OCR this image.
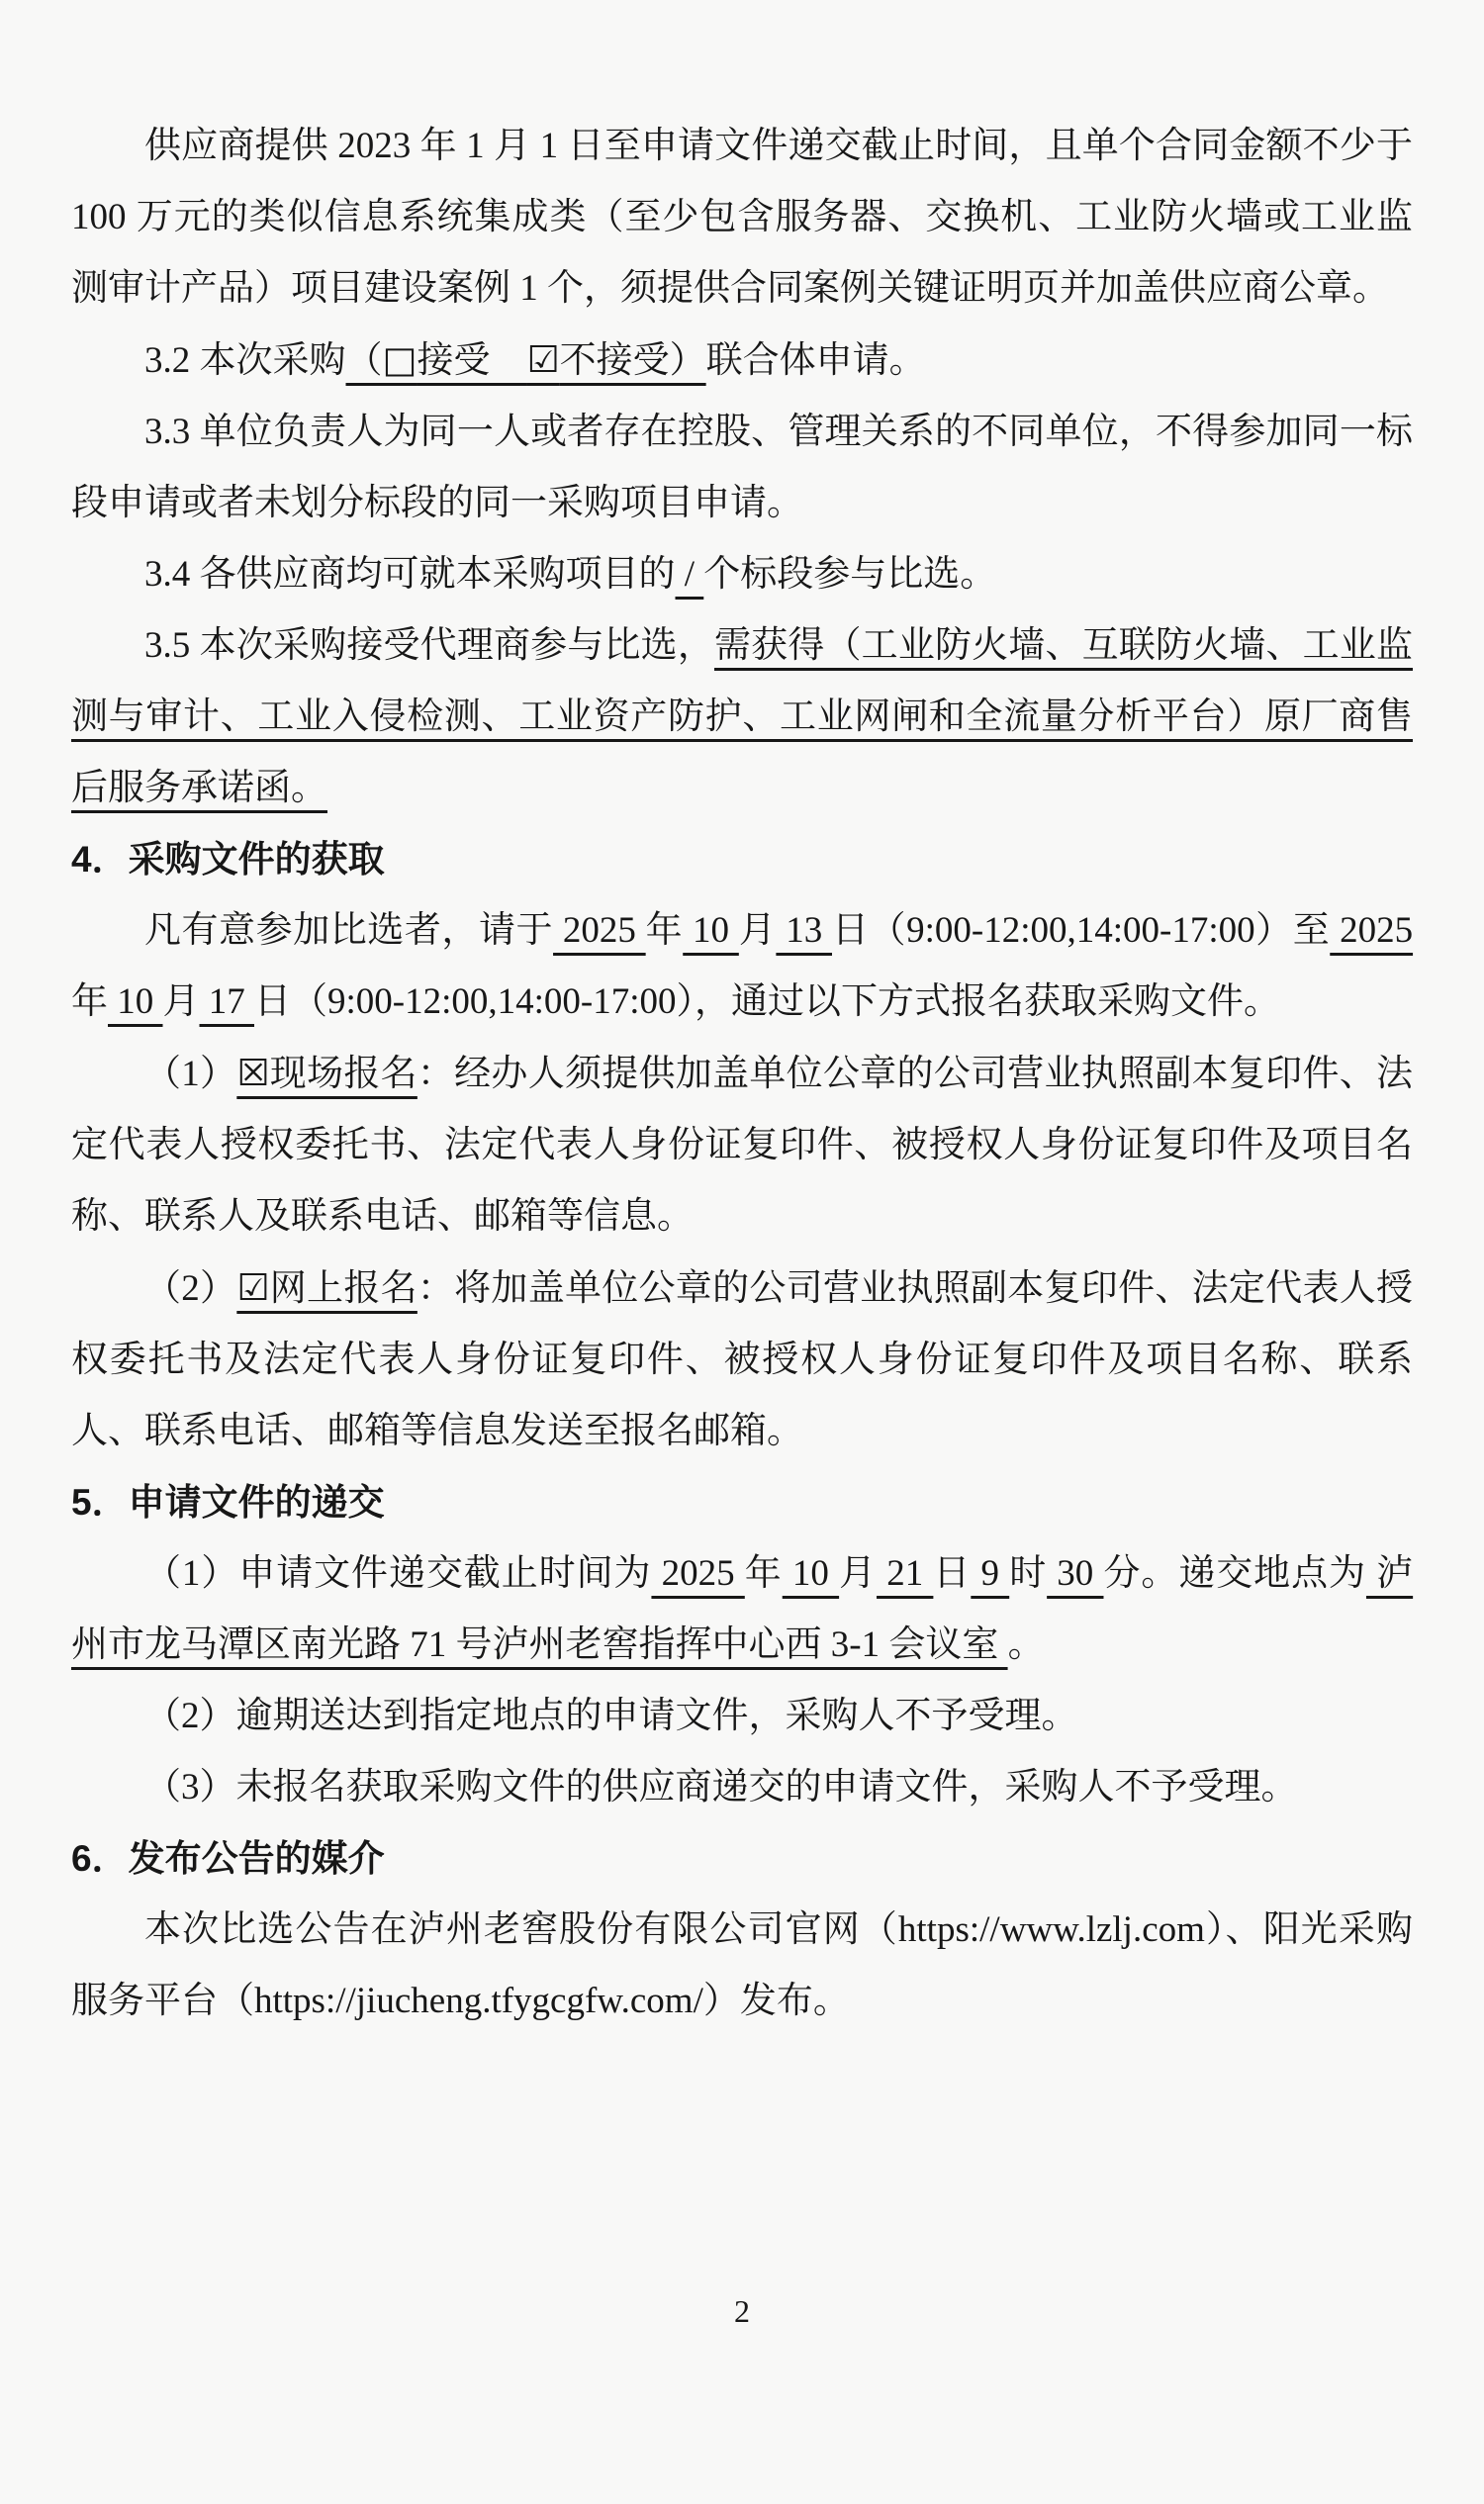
供应商提供 2023 年 1 月 1 日至申请文件递交截止时间，且单个合同金额不少于 100 万元的类似信息系统集成类（至少包含服务器、交换机、工业防火墙或工业监测审计产品）项目建设案例 1 个，须提供合同案例关键证明页并加盖供应商公章。

3.2 本次采购（□接受　☑不接受）联合体申请。

3.3 单位负责人为同一人或者存在控股、管理关系的不同单位，不得参加同一标段申请或者未划分标段的同一采购项目申请。

3.4 各供应商均可就本采购项目的 / 个标段参与比选。

3.5 本次采购接受代理商参与比选，需获得（工业防火墙、互联防火墙、工业监测与审计、工业入侵检测、工业资产防护、工业网闸和全流量分析平台）原厂商售后服务承诺函。

4．采购文件的获取

凡有意参加比选者，请于 2025 年 10 月 13 日（9:00-12:00,14:00-17:00）至 2025 年 10 月 17 日（9:00-12:00,14:00-17:00），通过以下方式报名获取采购文件。

（1）☒现场报名：经办人须提供加盖单位公章的公司营业执照副本复印件、法定代表人授权委托书、法定代表人身份证复印件、被授权人身份证复印件及项目名称、联系人及联系电话、邮箱等信息。

（2）☑网上报名：将加盖单位公章的公司营业执照副本复印件、法定代表人授权委托书及法定代表人身份证复印件、被授权人身份证复印件及项目名称、联系人、联系电话、邮箱等信息发送至报名邮箱。

5．申请文件的递交

（1）申请文件递交截止时间为 2025 年 10 月 21 日 9 时 30 分。递交地点为 泸州市龙马潭区南光路 71 号泸州老窖指挥中心西 3-1 会议室 。

（2）逾期送达到指定地点的申请文件，采购人不予受理。

（3）未报名获取采购文件的供应商递交的申请文件，采购人不予受理。

6．发布公告的媒介

本次比选公告在泸州老窖股份有限公司官网（https://www.lzlj.com）、阳光采购服务平台（https://jiucheng.tfygcgfw.com/）发布。

2
